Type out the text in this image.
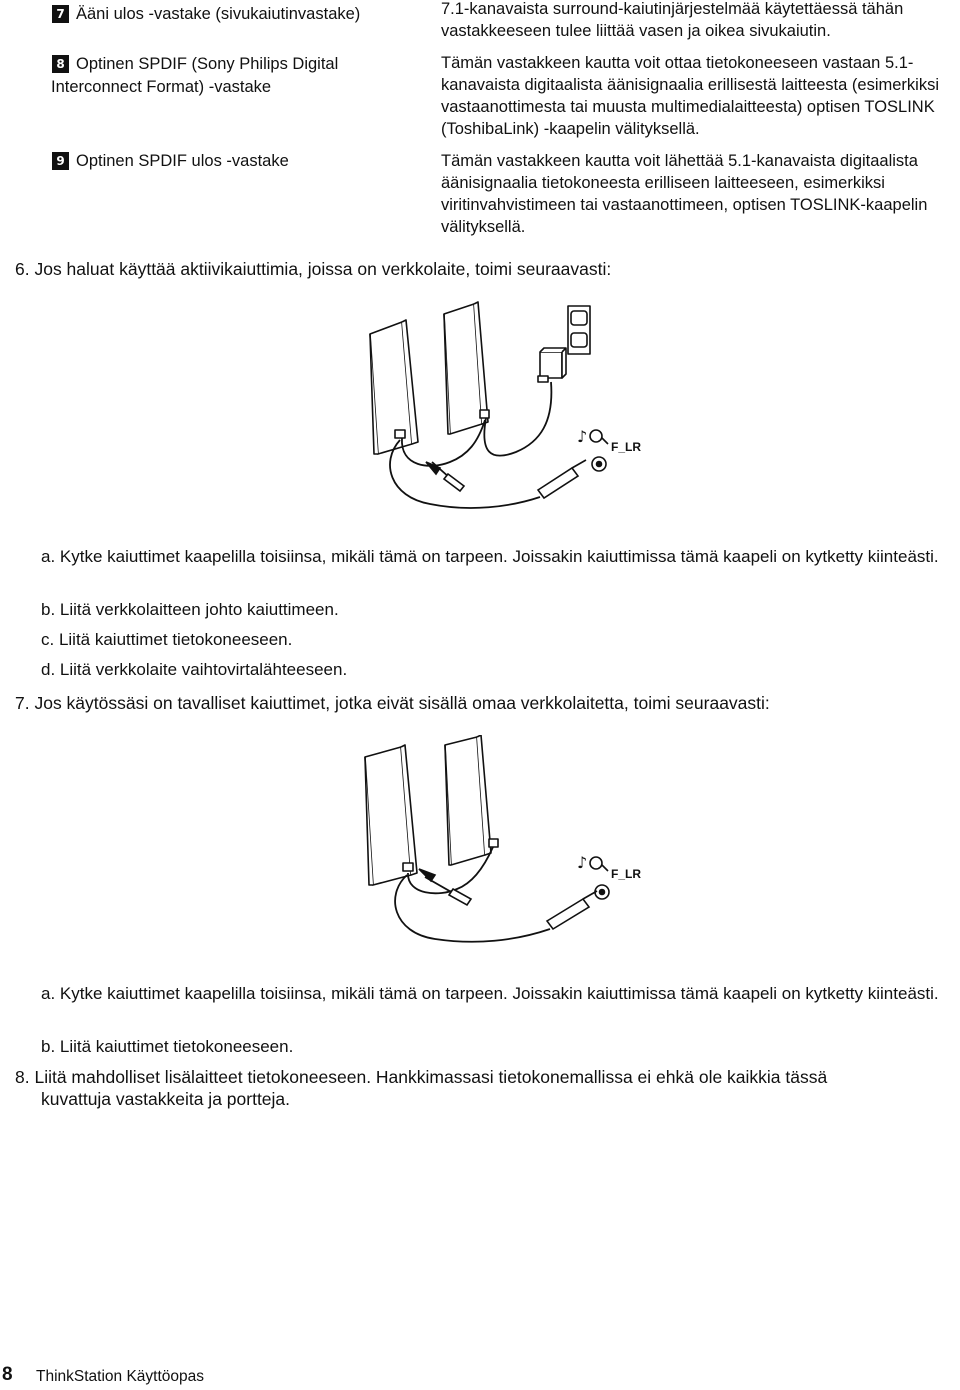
7 Ääni ulos -vastake (sivukaiutinvastake)	7.1-kanavaista surround-kaiutinjärjestelmää käytettäessä tähän vastakkeeseen tulee liittää vasen ja oikea sivukaiutin.
8 Optinen SPDIF (Sony Philips Digital
Interconnect Format) -vastake
Tämän vastakkeen kautta voit ottaa tietokoneeseen vastaan 5.1-kanavaista digitaalista äänisignaalia erillisestä laitteesta (esimerkiksi vastaanottimesta tai muusta multimedialaitteesta) optisen TOSLINK (ToshibaLink) -kaapelin välityksellä.
9 Optinen SPDIF ulos -vastake	Tämän vastakkeen kautta voit lähettää 5.1-kanavaista digitaalista äänisignaalia tietokoneesta erilliseen laitteeseen, esimerkiksi viritinvahvistimeen tai vastaanottimeen, optisen TOSLINK-kaapelin välityksellä.
6. Jos haluat käyttää aktiivikaiuttimia, joissa on verkkolaite, toimi seuraavasti:
♪
F_LR
a. Kytke kaiuttimet kaapelilla toisiinsa, mikäli tämä on tarpeen. Joissakin kaiuttimissa tämä kaapeli on kytketty kiinteästi.
b. Liitä verkkolaitteen johto kaiuttimeen.
c. Liitä kaiuttimet tietokoneeseen.
d. Liitä verkkolaite vaihtovirtalähteeseen.
7. Jos käytössäsi on tavalliset kaiuttimet, jotka eivät sisällä omaa verkkolaitetta, toimi seuraavasti:
♪
F_LR
a. Kytke kaiuttimet kaapelilla toisiinsa, mikäli tämä on tarpeen. Joissakin kaiuttimissa tämä kaapeli on kytketty kiinteästi.
b. Liitä kaiuttimet tietokoneeseen.
8. Liitä mahdolliset lisälaitteet tietokoneeseen. Hankkimassasi tietokonemallissa ei ehkä ole kaikkia tässä
kuvattuja vastakkeita ja portteja.
8 ThinkStation Käyttöopas
